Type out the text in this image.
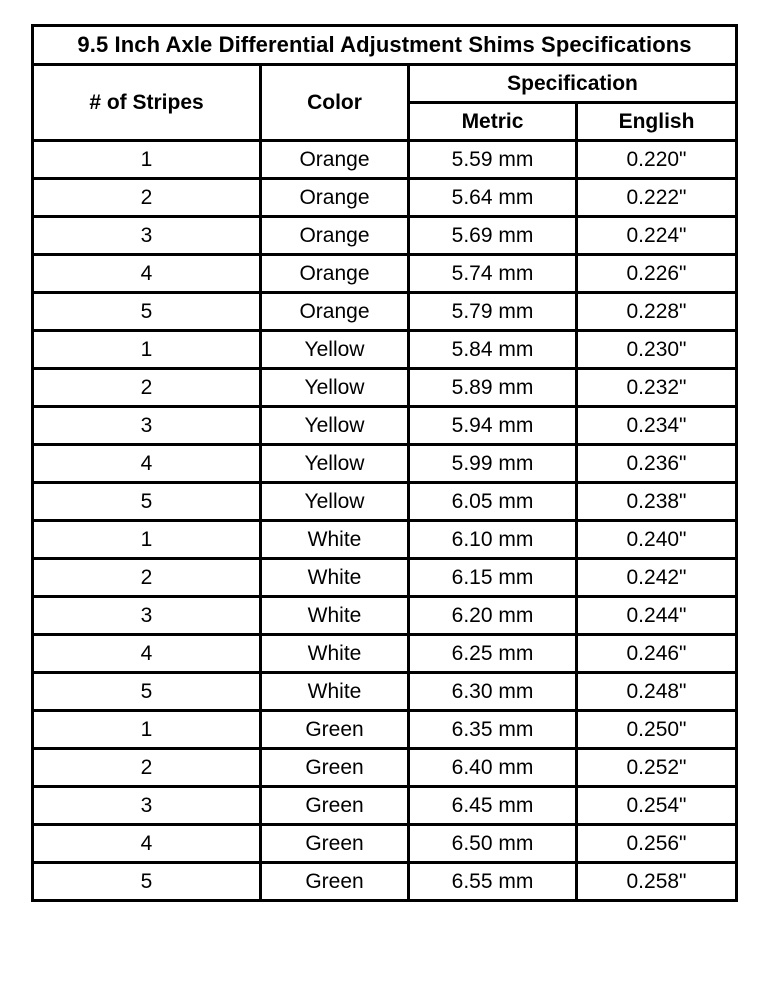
9.5 Inch Axle Differential Adjustment Shims Specifications			
# of Stripes	Color	Specification	
		Metric	English
1	Orange	5.59 mm	0.220"
2	Orange	5.64 mm	0.222"
3	Orange	5.69 mm	0.224"
4	Orange	5.74 mm	0.226"
5	Orange	5.79 mm	0.228"
1	Yellow	5.84 mm	0.230"
2	Yellow	5.89 mm	0.232"
3	Yellow	5.94 mm	0.234"
4	Yellow	5.99 mm	0.236"
5	Yellow	6.05 mm	0.238"
1	White	6.10 mm	0.240"
2	White	6.15 mm	0.242"
3	White	6.20 mm	0.244"
4	White	6.25 mm	0.246"
5	White	6.30 mm	0.248"
1	Green	6.35 mm	0.250"
2	Green	6.40 mm	0.252"
3	Green	6.45 mm	0.254"
4	Green	6.50 mm	0.256"
5	Green	6.55 mm	0.258"
